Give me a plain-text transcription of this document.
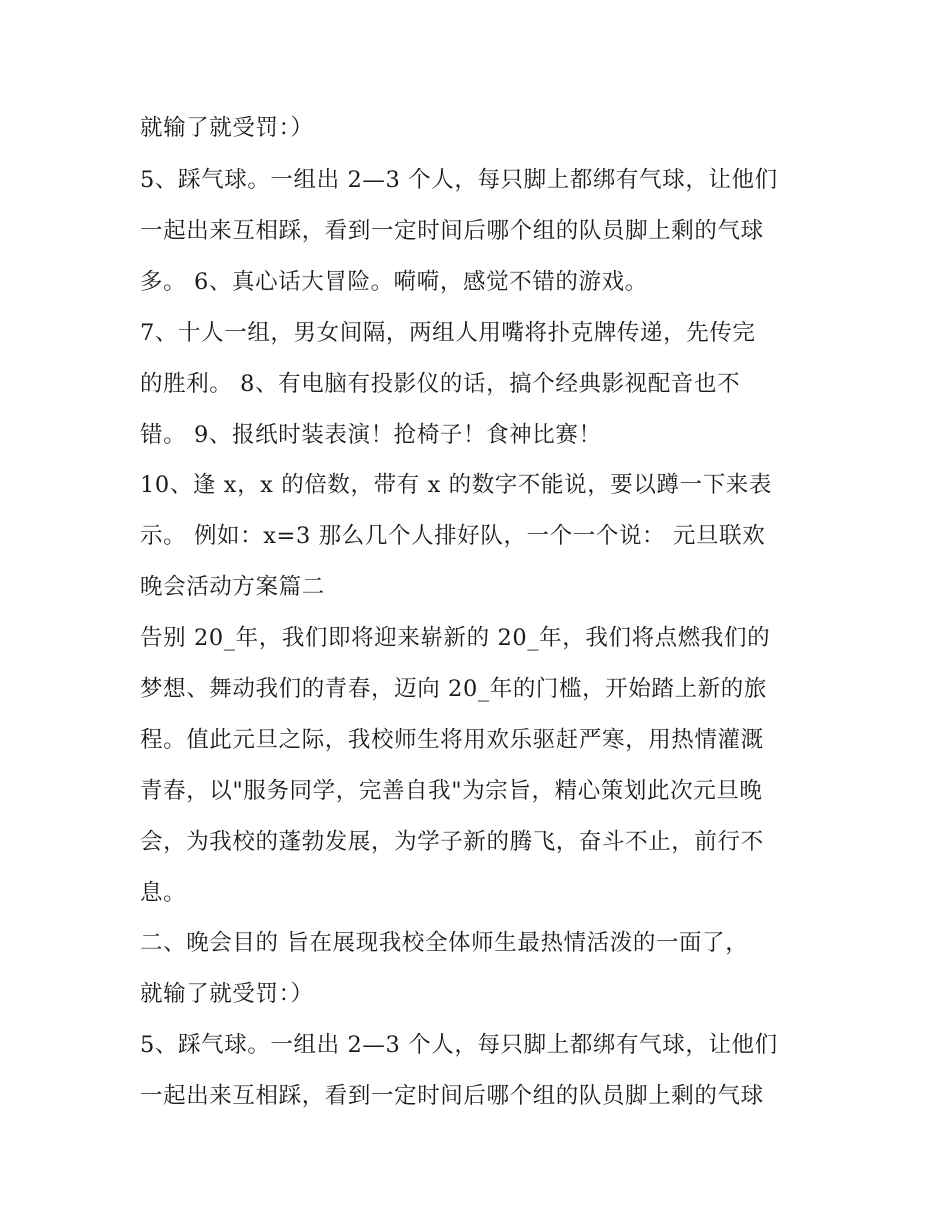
就输了就受罚：）
5、踩气球。一组出 2—3 个人，每只脚上都绑有气球，让他们
一起出来互相踩，看到一定时间后哪个组的队员脚上剩的气球
多。 6、真心话大冒险。嗬嗬，感觉不错的游戏。
7、十人一组，男女间隔，两组人用嘴将扑克牌传递，先传完
的胜利。 8、有电脑有投影仪的话，搞个经典影视配音也不
错。 9、报纸时装表演！抢椅子！食神比赛！
10、逢 x，x 的倍数，带有 x 的数字不能说，要以蹲一下来表
示。 例如：x=3 那么几个人排好队，一个一个说： 元旦联欢
晚会活动方案篇二
告别 20_年，我们即将迎来崭新的 20_年，我们将点燃我们的
梦想、舞动我们的青春，迈向 20_年的门槛，开始踏上新的旅
程。值此元旦之际，我校师生将用欢乐驱赶严寒，用热情灌溉
青春，以"服务同学，完善自我"为宗旨，精心策划此次元旦晚
会，为我校的蓬勃发展，为学子新的腾飞，奋斗不止，前行不
息。
二、晚会目的 旨在展现我校全体师生最热情活泼的一面了，
就输了就受罚：）
5、踩气球。一组出 2—3 个人，每只脚上都绑有气球，让他们
一起出来互相踩，看到一定时间后哪个组的队员脚上剩的气球
